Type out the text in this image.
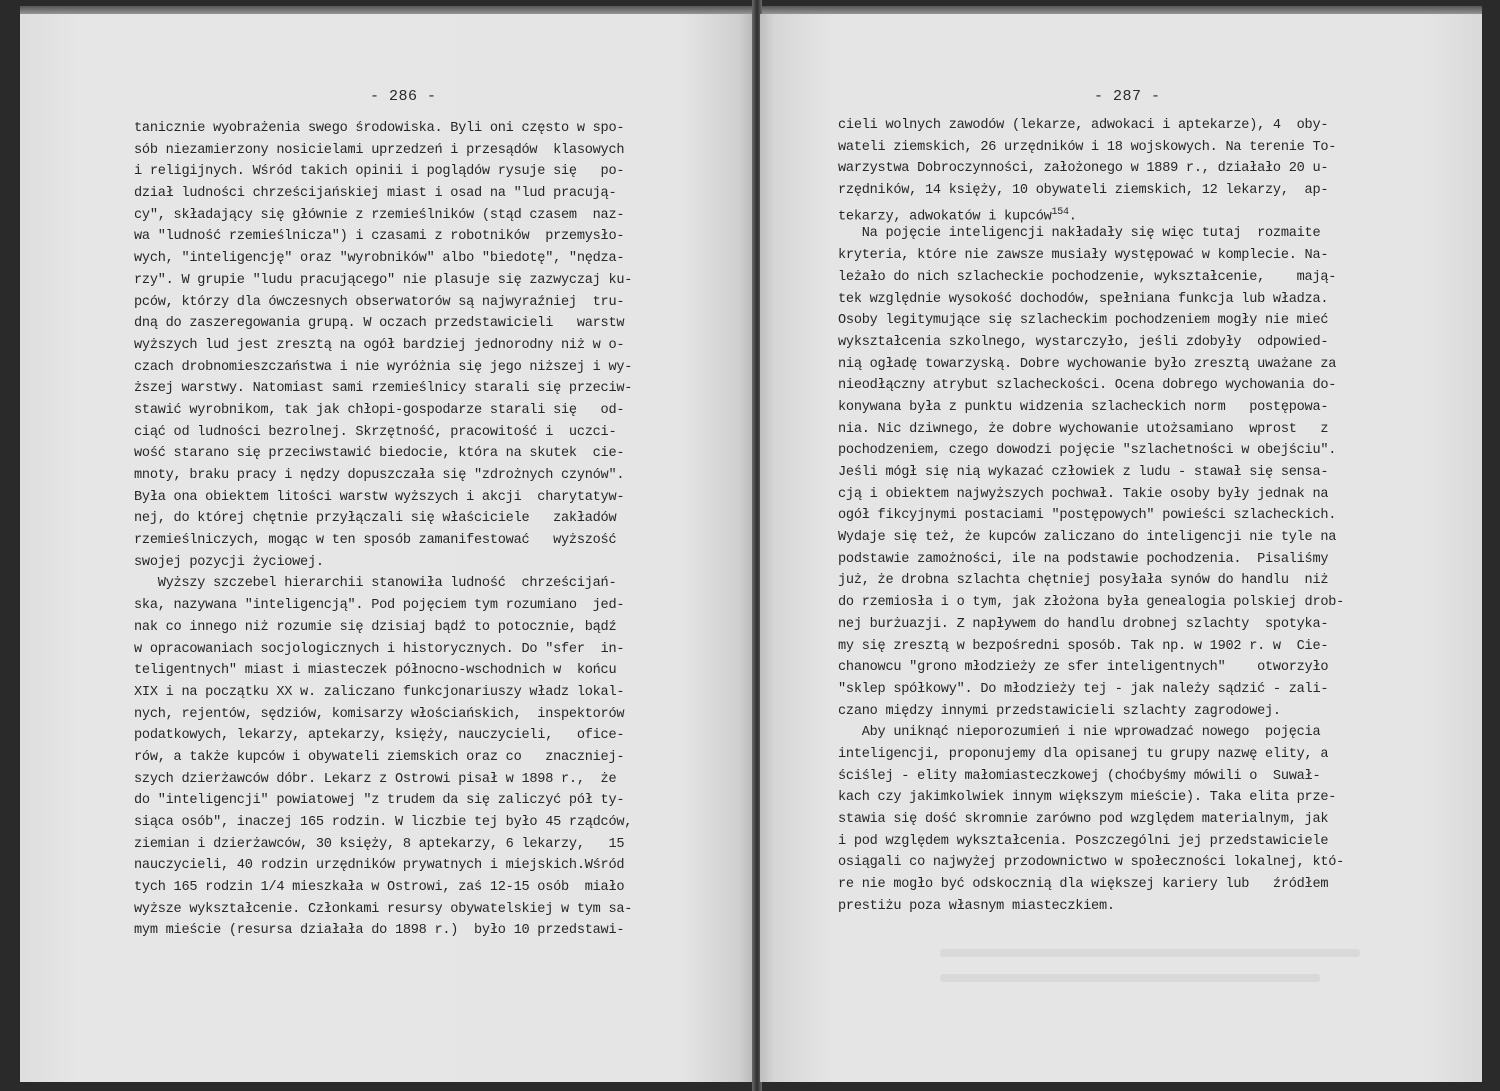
- 286 -
tanicznie wyobrażenia swego środowiska. Byli oni często w spo-
sób niezamierzony nosicielami uprzedzeń i przesądów  klasowych
i religijnych. Wśród takich opinii i poglądów rysuje się   po-
dział ludności chrześcijańskiej miast i osad na "lud pracują-
cy", składający się głównie z rzemieślników (stąd czasem  naz-
wa "ludność rzemieślnicza") i czasami z robotników  przemysło-
wych, "inteligencję" oraz "wyrobników" albo "biedotę", "nędza-
rzy". W grupie "ludu pracującego" nie plasuje się zazwyczaj ku-
pców, którzy dla ówczesnych obserwatorów są najwyraźniej  tru-
dną do zaszeregowania grupą. W oczach przedstawicieli   warstw
wyższych lud jest zresztą na ogół bardziej jednorodny niż w o-
czach drobnomieszczaństwa i nie wyróżnia się jego niższej i wy-
ższej warstwy. Natomiast sami rzemieślnicy starali się przeciw-
stawić wyrobnikom, tak jak chłopi-gospodarze starali się   od-
ciąć od ludności bezrolnej. Skrzętność, pracowitość i  uczci-
wość starano się przeciwstawić biedocie, która na skutek  cie-
mnoty, braku pracy i nędzy dopuszczała się "zdrożnych czynów".
Była ona obiektem litości warstw wyższych i akcji  charytatyw-
nej, do której chętnie przyłączali się właściciele   zakładów
rzemieślniczych, mogąc w ten sposób zamanifestować   wyższość
swojej pozycji życiowej.
Wyższy szczebel hierarchii stanowiła ludność  chrześcijań-
ska, nazywana "inteligencją". Pod pojęciem tym rozumiano  jed-
nak co innego niż rozumie się dzisiaj bądź to potocznie, bądź
w opracowaniach socjologicznych i historycznych. Do "sfer  in-
teligentnych" miast i miasteczek północno-wschodnich w  końcu
XIX i na początku XX w. zaliczano funkcjonariuszy władz lokal-
nych, rejentów, sędziów, komisarzy włościańskich,  inspektorów
podatkowych, lekarzy, aptekarzy, księży, nauczycieli,   ofice-
rów, a także kupców i obywateli ziemskich oraz co   znaczniej-
szych dzierżawców dóbr. Lekarz z Ostrowi pisał w 1898 r.,  że
do "inteligencji" powiatowej "z trudem da się zaliczyć pół ty-
siąca osób", inaczej 165 rodzin. W liczbie tej było 45 rządców,
ziemian i dzierżawców, 30 księży, 8 aptekarzy, 6 lekarzy,   15
nauczycieli, 40 rodzin urzędników prywatnych i miejskich.Wśród
tych 165 rodzin 1/4 mieszkała w Ostrowi, zaś 12-15 osób  miało
wyższe wykształcenie. Członkami resursy obywatelskiej w tym sa-
mym mieście (resursa działała do 1898 r.)  było 10 przedstawi-
- 287 -
cieli wolnych zawodów (lekarze, adwokaci i aptekarze), 4  oby-
wateli ziemskich, 26 urzędników i 18 wojskowych. Na terenie To-
warzystwa Dobroczynności, założonego w 1889 r., działało 20 u-
rzędników, 14 księży, 10 obywateli ziemskich, 12 lekarzy,  ap-
tekarzy, adwokatów i kupców$^{154}$.
Na pojęcie inteligencji nakładały się więc tutaj  rozmaite
kryteria, które nie zawsze musiały występować w komplecie. Na-
leżało do nich szlacheckie pochodzenie, wykształcenie,    mają-
tek względnie wysokość dochodów, spełniana funkcja lub władza.
Osoby legitymujące się szlacheckim pochodzeniem mogły nie mieć
wykształcenia szkolnego, wystarczyło, jeśli zdobyły  odpowied-
nią ogładę towarzyską. Dobre wychowanie było zresztą uważane za
nieodłączny atrybut szlacheckości. Ocena dobrego wychowania do-
konywana była z punktu widzenia szlacheckich norm   postępowa-
nia. Nic dziwnego, że dobre wychowanie utożsamiano  wprost   z
pochodzeniem, czego dowodzi pojęcie "szlachetności w obejściu".
Jeśli mógł się nią wykazać człowiek z ludu - stawał się sensa-
cją i obiektem najwyższych pochwał. Takie osoby były jednak na
ogół fikcyjnymi postaciami "postępowych" powieści szlacheckich.
Wydaje się też, że kupców zaliczano do inteligencji nie tyle na
podstawie zamożności, ile na podstawie pochodzenia.  Pisaliśmy
już, że drobna szlachta chętniej posyłała synów do handlu  niż
do rzemiosła i o tym, jak złożona była genealogia polskiej drob-
nej burżuazji. Z napływem do handlu drobnej szlachty  spotyka-
my się zresztą w bezpośredni sposób. Tak np. w 1902 r. w  Cie-
chanowcu "grono młodzieży ze sfer inteligentnych"    otworzyło
"sklep spółkowy". Do młodzieży tej - jak należy sądzić - zali-
czano między innymi przedstawicieli szlachty zagrodowej.
Aby uniknąć nieporozumień i nie wprowadzać nowego  pojęcia
inteligencji, proponujemy dla opisanej tu grupy nazwę elity, a
ściślej - elity małomiasteczkowej (choćbyśmy mówili o  Suwał-
kach czy jakimkolwiek innym większym mieście). Taka elita prze-
stawia się dość skromnie zarówno pod względem materialnym, jak
i pod względem wykształcenia. Poszczególni jej przedstawiciele
osiągali co najwyżej przodownictwo w społeczności lokalnej, któ-
re nie mogło być odskocznią dla większej kariery lub   źródłem
prestiżu poza własnym miasteczkiem.
